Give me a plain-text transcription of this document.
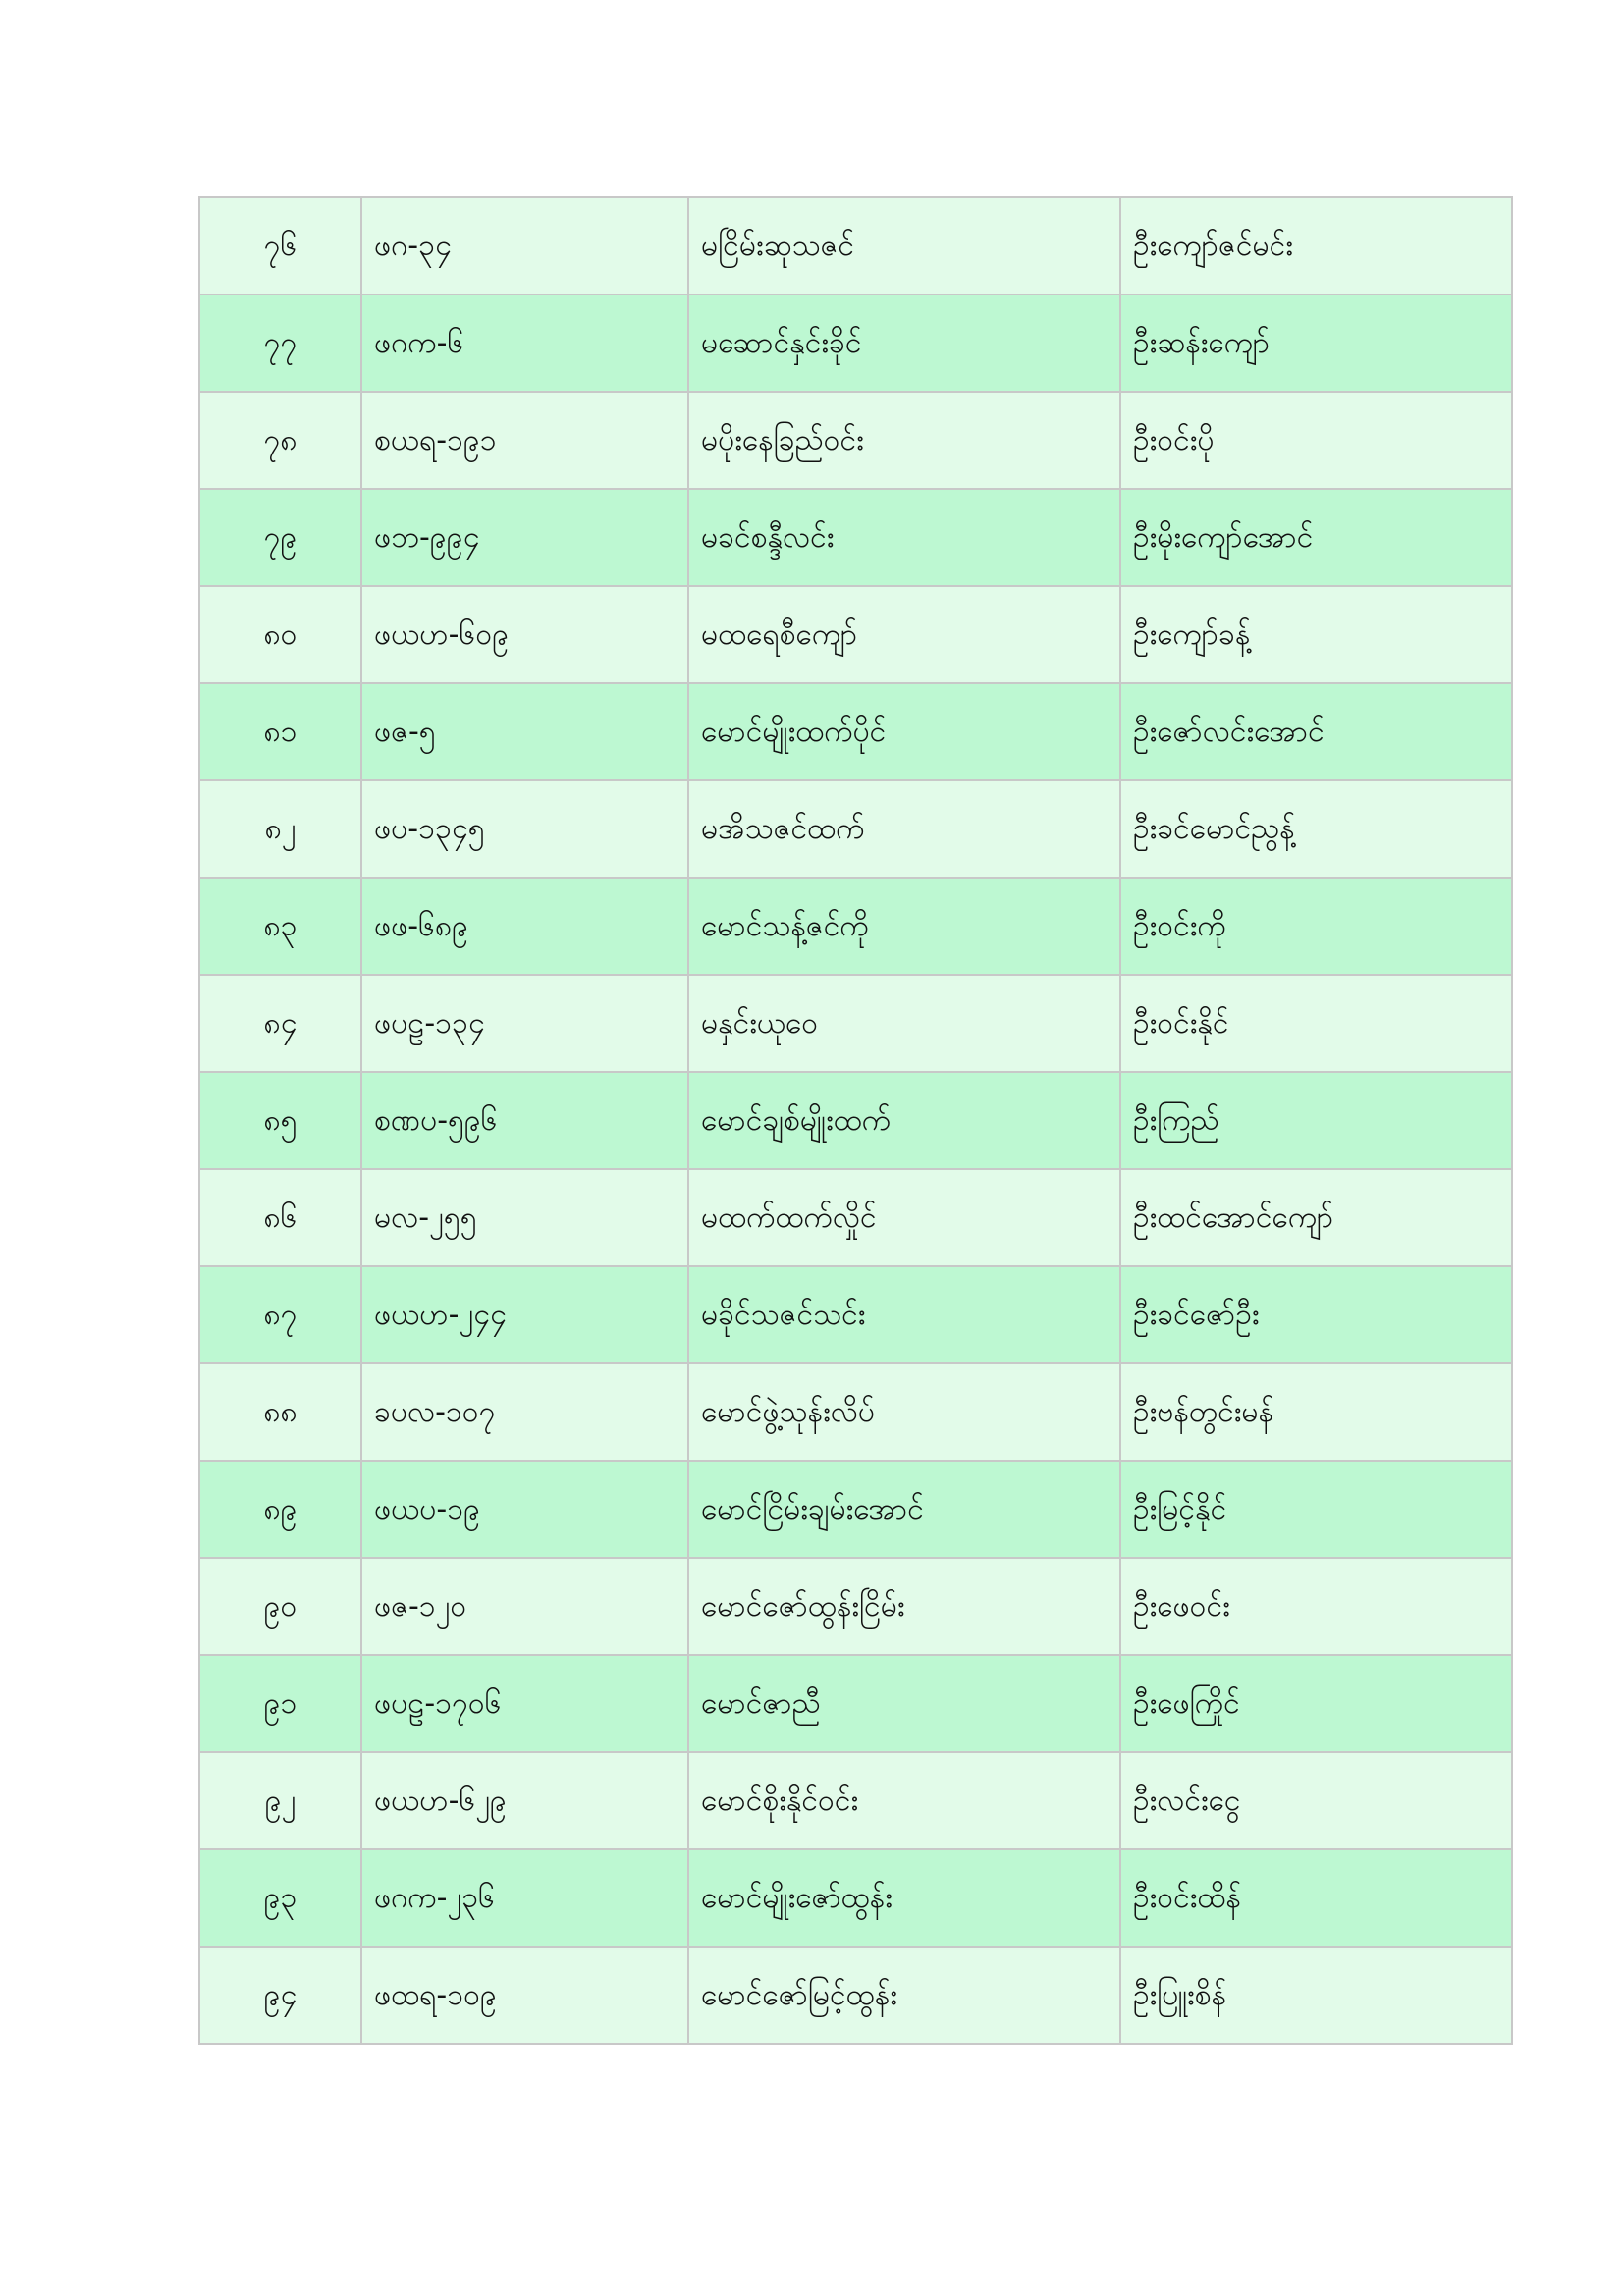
၇၆	ဖဂ-၃၄	မငြိမ်းဆုသဇင်	ဦးကျော်ဇင်မင်း
၇၇	ဖဂက-၆	မဆောင်နှင်းခိုင်	ဦးဆန်းကျော်
၇၈	စယရ-၁၉၁	မပိုးနေခြည်ဝင်း	ဦးဝင်းပို
၇၉	ဖဘ-၉၉၄	မခင်စန္ဒီလင်း	ဦးမိုးကျော်အောင်
၈၀	ဖယဟ-၆၀၉	မထရေစီကျော်	ဦးကျော်ခန့်
၈၁	ဖဇ-၅	မောင်မျိုးထက်ပိုင်	ဦးဇော်လင်းအောင်
၈၂	ဖပ-၁၃၄၅	မအိသဇင်ထက်	ဦးခင်မောင်ညွန့်
၈၃	ဖဖ-၆၈၉	မောင်သန့်ဇင်ကို	ဦးဝင်းကို
၈၄	ဖပဠ-၁၃၄	မနှင်းယုဝေ	ဦးဝင်းနိုင်
၈၅	စဏပ-၅၉၆	မောင်ချစ်မျိုးထက်	ဦးကြည်
၈၆	မလ-၂၅၅	မထက်ထက်လှိုင်	ဦးထင်အောင်ကျော်
၈၇	ဖယဟ-၂၄၄	မခိုင်သဇင်သင်း	ဦးခင်ဇော်ဦး
၈၈	ခပလ-၁၀၇	မောင်ဖွဲ့သုန်းလိပ်	ဦးဗန်တွင်းမန်
၈၉	ဖယပ-၁၉	မောင်ငြိမ်းချမ်းအောင်	ဦးမြင့်နိုင်
၉၀	ဖဇ-၁၂၀	မောင်ဇော်ထွန်းငြိမ်း	ဦးဖေဝင်း
၉၁	ဖပဠ-၁၇၀၆	မောင်ဇာညီ	ဦးဖေကြိုင်
၉၂	ဖယဟ-၆၂၉	မောင်စိုးနိုင်ဝင်း	ဦးလင်းငွေ
၉၃	ဖဂက-၂၃၆	မောင်မျိုးဇော်ထွန်း	ဦးဝင်းထိန်
၉၄	ဖထရ-၁၀၉	မောင်ဇော်မြင့်ထွန်း	ဦးပြူးစိန်
